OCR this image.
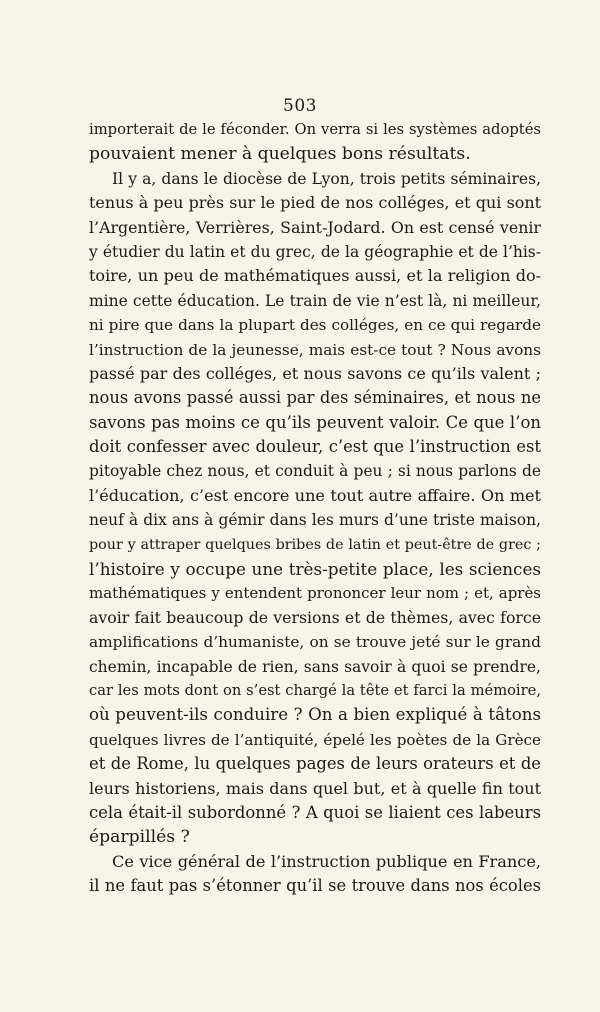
503
importerait de le féconder. On verra si les systèmes adoptés
pouvaient mener à quelques bons résultats.
Il y a, dans le diocèse de Lyon, trois petits séminaires,
tenus à peu près sur le pied de nos colléges, et qui sont
l’Argentière, Verrières, Saint-Jodard. On est censé venir
y étudier du latin et du grec, de la géographie et de l’his-
toire, un peu de mathématiques aussi, et la religion do-
mine cette éducation. Le train de vie n’est là, ni meilleur,
ni pire que dans la plupart des colléges, en ce qui regarde
l’instruction de la jeunesse, mais est-ce tout ? Nous avons
passé par des colléges, et nous savons ce qu’ils valent ;
nous avons passé aussi par des séminaires, et nous ne
savons pas moins ce qu’ils peuvent valoir. Ce que l’on
doit confesser avec douleur, c’est que l’instruction est
pitoyable chez nous, et conduit à peu ; si nous parlons de
l’éducation, c’est encore une tout autre affaire. On met
neuf à dix ans à gémir dans les murs d’une triste maison,
pour y attraper quelques bribes de latin et peut-être de grec ;
l’histoire y occupe une très-petite place, les sciences
mathématiques y entendent prononcer leur nom ; et, après
avoir fait beaucoup de versions et de thèmes, avec force
amplifications d’humaniste, on se trouve jeté sur le grand
chemin, incapable de rien, sans savoir à quoi se prendre,
car les mots dont on s’est chargé la tête et farci la mémoire,
où peuvent-ils conduire ? On a bien expliqué à tâtons
quelques livres de l’antiquité, épelé les poètes de la Grèce
et de Rome, lu quelques pages de leurs orateurs et de
leurs historiens, mais dans quel but, et à quelle fin tout
cela était-il subordonné ? A quoi se liaient ces labeurs
éparpillés ?
Ce vice général de l’instruction publique en France,
il ne faut pas s’étonner qu’il se trouve dans nos écoles
